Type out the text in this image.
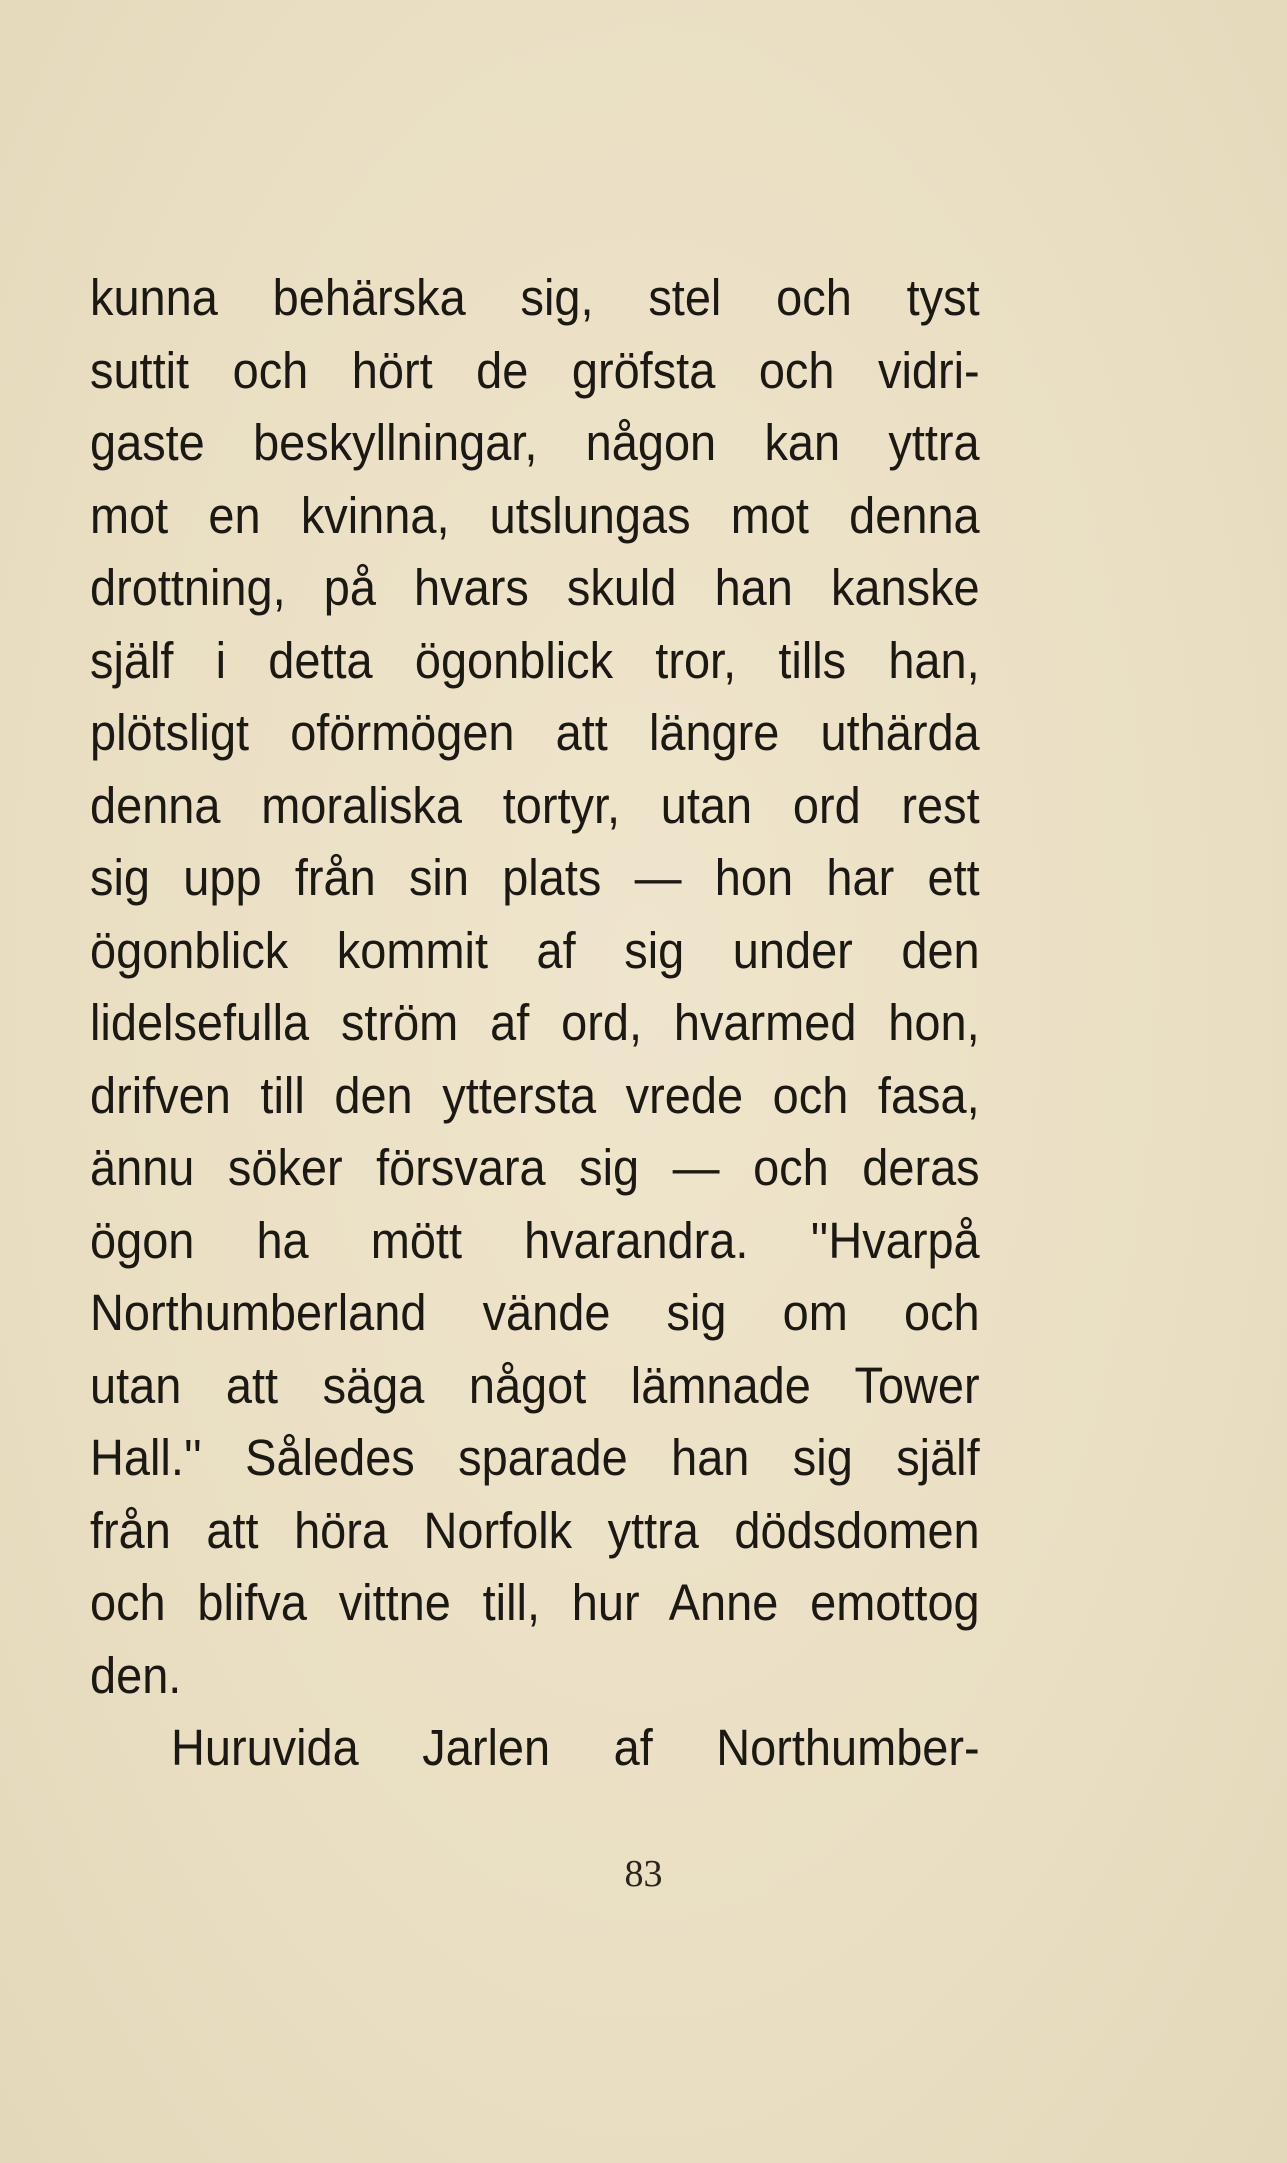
kunna behärska sig, stel och tyst
suttit och hört de gröfsta och vidri-
gaste beskyllningar, någon kan yttra
mot en kvinna, utslungas mot denna
drottning, på hvars skuld han kanske
själf i detta ögonblick tror, tills han,
plötsligt oförmögen att längre uthärda
denna moraliska tortyr, utan ord rest
sig upp från sin plats — hon har ett
ögonblick kommit af sig under den
lidelsefulla ström af ord, hvarmed hon,
drifven till den yttersta vrede och fasa,
ännu söker försvara sig — och deras
ögon ha mött hvarandra. ''Hvarpå
Northumberland vände sig om och
utan att säga något lämnade Tower
Hall.'' Således sparade han sig själf
från att höra Norfolk yttra dödsdomen
och blifva vittne till, hur Anne emottog
den.
Huruvida Jarlen af Northumber-
83
